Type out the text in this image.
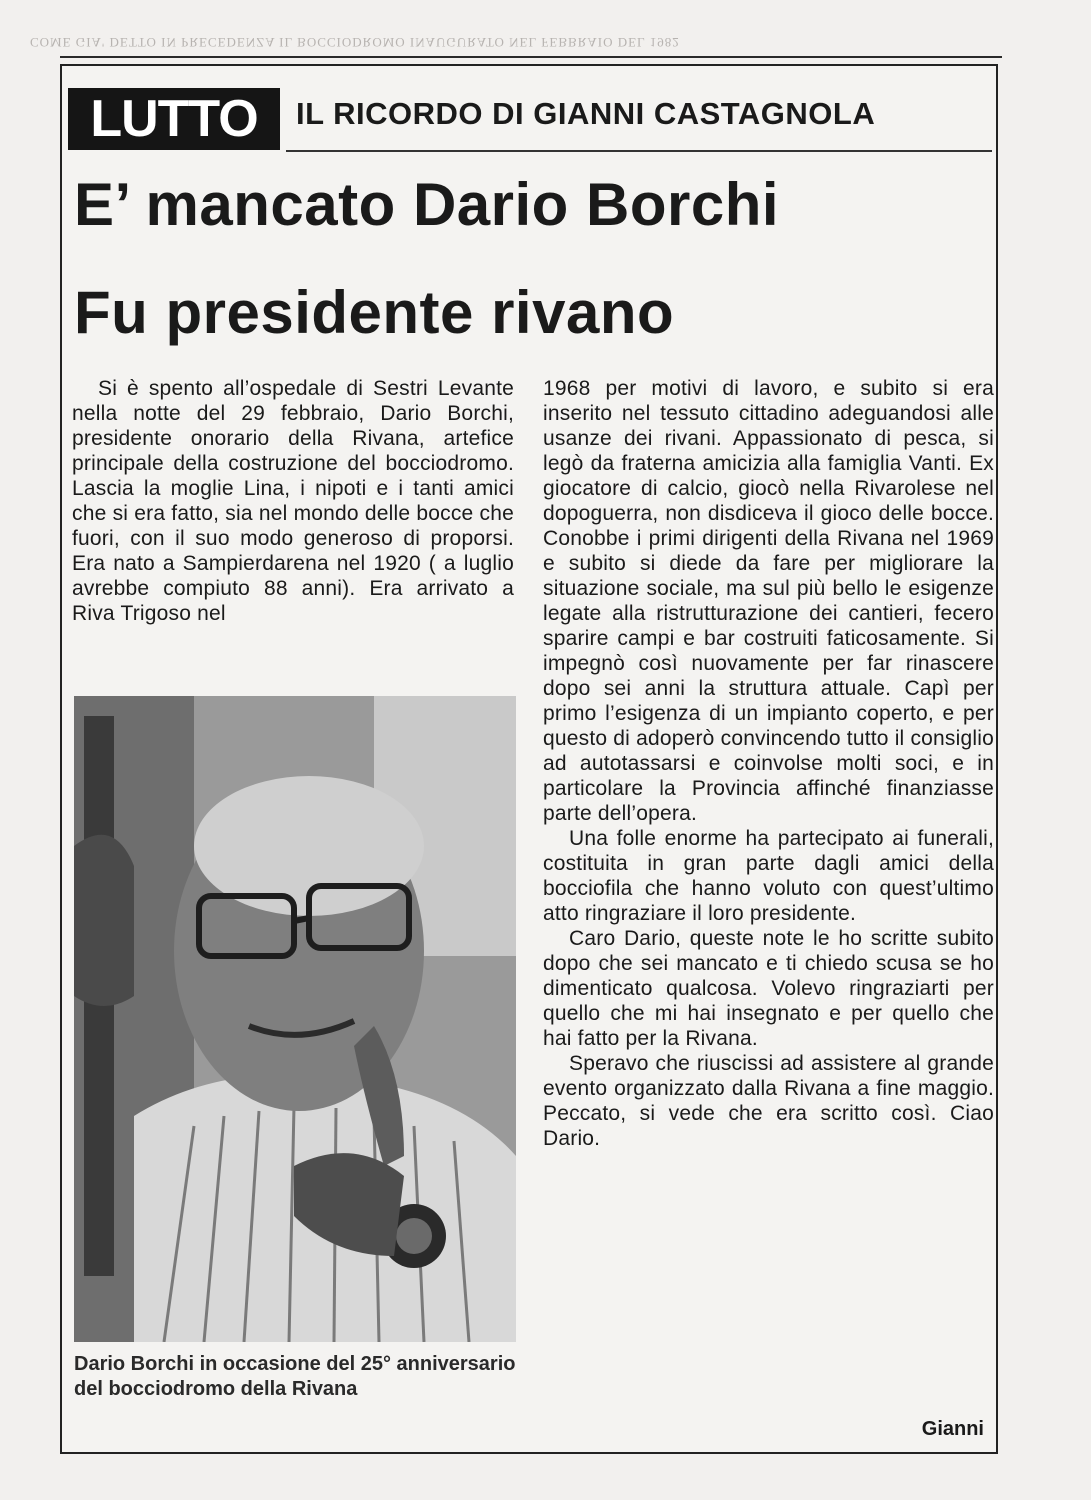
COME GIA' DETTO IN PRECEDENZA IL BOCCIODROMO INAUGURATO NEL FEBBRAIO DEL 1982
LUTTO	IL RICORDO DI GIANNI CASTAGNOLA
E’ mancato Dario Borchi
Fu presidente rivano

Si è spento all’ospedale di Sestri Levante nella notte del 29 febbraio, Dario Borchi, presidente onorario della Rivana, artefice principale della costruzione del bocciodromo. Lascia la moglie Lina, i nipoti e i tanti amici che si era fatto, sia nel mondo delle bocce che fuori, con il suo modo generoso di proporsi. Era nato a Sampierdarena nel 1920 ( a luglio avrebbe compiuto 88 anni). Era arrivato a Riva Trigoso nel

Dario Borchi in occasione del 25° anniversario del bocciodromo della Rivana

1968 per motivi di lavoro, e subito si era inserito nel tessuto cittadino adeguandosi alle usanze dei rivani. Appassionato di pesca, si legò da fraterna amicizia alla famiglia Vanti. Ex giocatore di calcio, giocò nella Rivarolese nel dopoguerra, non disdiceva il gioco delle bocce. Conobbe i primi dirigenti della Rivana nel 1969 e subito si diede da fare per migliorare la situazione sociale, ma sul più bello le esigenze legate alla ristrutturazione dei cantieri, fecero sparire campi e bar costruiti faticosamente. Si impegnò così nuovamente per far rinascere dopo sei anni la struttura attuale. Capì per primo l’esigenza di un impianto coperto, e per questo di adoperò convincendo tutto il consiglio ad autotassarsi e coinvolse molti soci, e in particolare la Provincia affinché finanziasse parte dell’opera.

Una folle enorme ha partecipato ai funerali, costituita in gran parte dagli amici della bocciofila che hanno voluto con quest’ultimo atto ringraziare il loro presidente.

Caro Dario, queste note le ho scritte subito dopo che sei mancato e ti chiedo scusa se ho dimenticato qualcosa. Volevo ringraziarti per quello che mi hai insegnato e per quello che hai fatto per la Rivana.

Speravo che riuscissi ad assistere al grande evento organizzato dalla Rivana a fine maggio. Peccato, si vede che era scritto così. Ciao Dario.

Gianni
